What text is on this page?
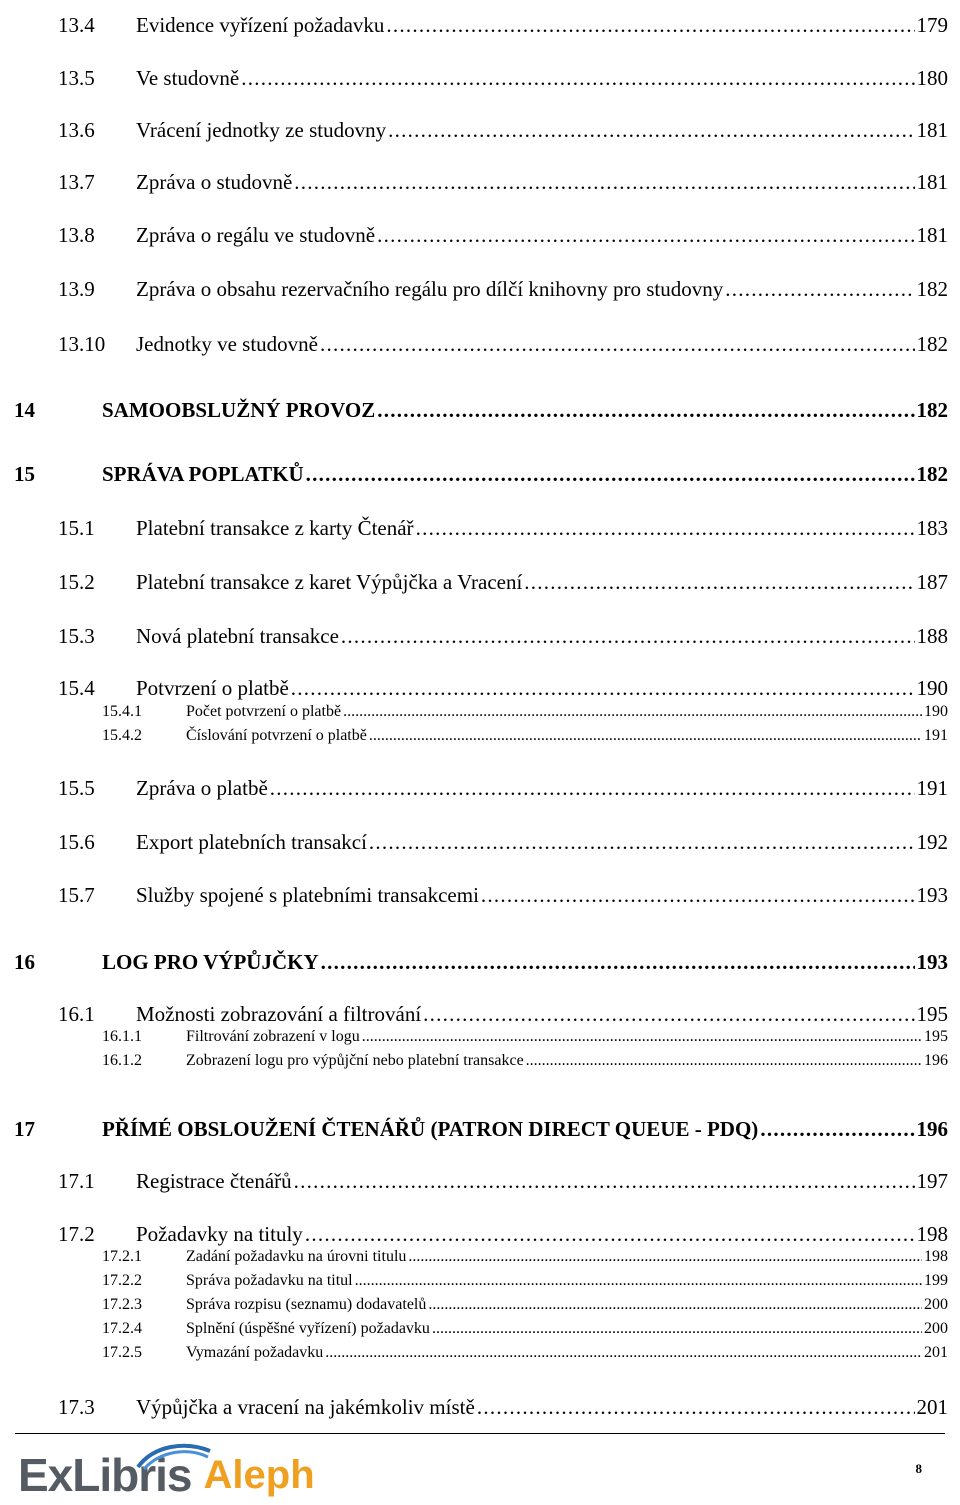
13.4 Evidence vyřízení požadavku . . .	179
13.5 Ve studovně . . .	180
13.6 Vrácení jednotky ze studovny . . .	181
13.7 Zpráva o studovně . . .	181
13.8 Zpráva o regálu ve studovně . . .	181
13.9 Zpráva o obsahu rezervačního regálu pro dílčí knihovny pro studovny . . .	182
13.10 Jednotky ve studovně . . .	182
14	SAMOOBSLUŽNÝ PROVOZ . . .	182
15	SPRÁVA POPLATKŮ . . .	182
15.1 Platební transakce z karty Čtenář . . .	183
15.2 Platební transakce z karet Výpůjčka a Vracení . . .	187
15.3 Nová platební transakce . . .	188
15.4 Potvrzení o platbě . . .	190
15.4.1	Počet potvrzení o platbě . . .	190
15.4.2	Číslování potvrzení o platbě . . .	191
15.5 Zpráva o platbě . . .	191
15.6 Export platebních transakcí . . .	192
15.7 Služby spojené s platebními transakcemi . . .	193
16	LOG PRO VÝPŮJČKY . . .	193
16.1 Možnosti zobrazování a filtrování . . .	195
16.1.1	Filtrování zobrazení v logu . . .	195
16.1.2	Zobrazení logu pro výpůjční nebo platební transakce . . .	196
17	PŘÍMÉ OBSLOUŽENÍ ČTENÁŘŮ (PATRON DIRECT QUEUE - PDQ) . . .	196
17.1 Registrace čtenářů . . .	197
17.2 Požadavky na tituly . . .	198
17.2.1	Zadání požadavku na úrovni titulu . . .	198
17.2.2	Správa požadavku na titul . . .	199
17.2.3	Správa rozpisu (seznamu) dodavatelů . . .	200
17.2.4	Splnění (úspěšné vyřízení) požadavku . . .	200
17.2.5	Vymazání požadavku . . .	201
17.3 Výpůjčka a vracení na jakémkoliv místě . . .	201
Ex Libris Aleph	8
